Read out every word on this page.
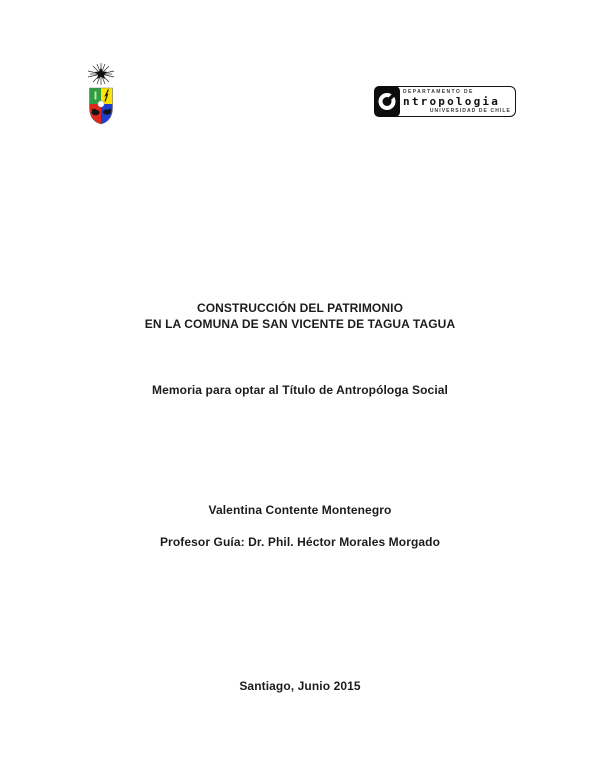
DEPARTAMENTO DE
ntropologia
UNIVERSIDAD DE CHILE
CONSTRUCCIÓN DEL PATRIMONIO
EN LA COMUNA DE SAN VICENTE DE TAGUA TAGUA
Memoria para optar al Título de Antropóloga Social
Valentina Contente Montenegro
Profesor Guía: Dr. Phil. Héctor Morales Morgado
Santiago, Junio 2015
